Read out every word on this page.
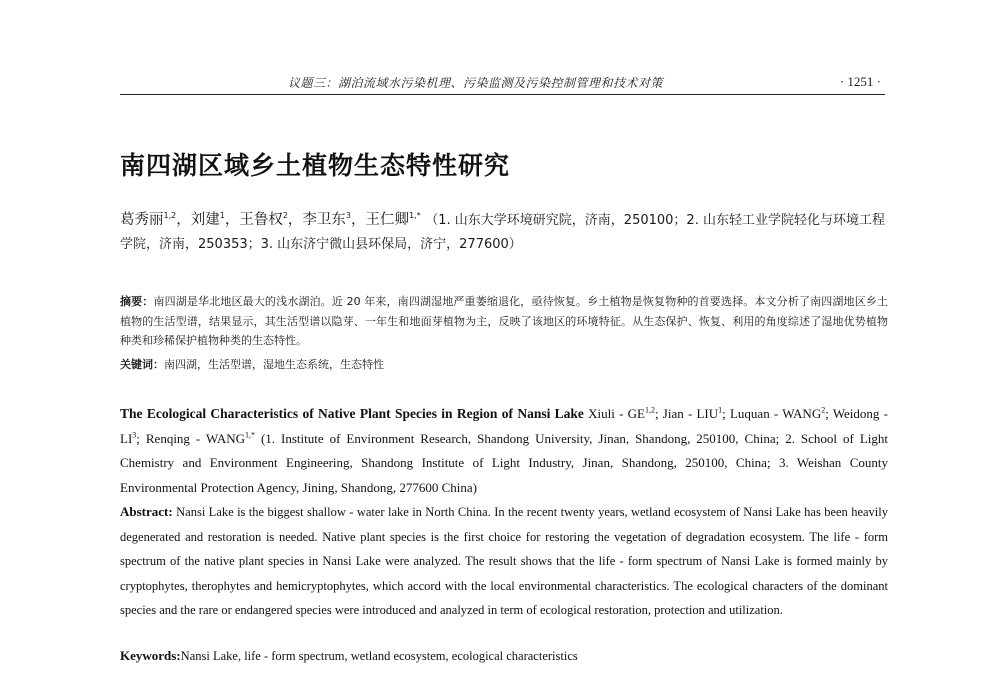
议题三：湖泊流域水污染机理、污染监测及污染控制管理和技术对策	· 1251 ·
南四湖区域乡土植物生态特性研究
葛秀丽$^{1,2}$，刘建$^1$，王鲁权$^2$，李卫东$^3$，王仁卿$^{1,*}$ （1. 山东大学环境研究院，济南，250100；2. 山东轻工业学院轻化与环境工程学院，济南，250353；3. 山东济宁微山县环保局，济宁，277600）
摘要：南四湖是华北地区最大的浅水湖泊。近 20 年来，南四湖湿地严重萎缩退化，亟待恢复。乡土植物是恢复物种的首要选择。本文分析了南四湖地区乡土植物的生活型谱，结果显示，其生活型谱以隐芽、一年生和地面芽植物为主，反映了该地区的环境特征。从生态保护、恢复、利用的角度综述了湿地优势植物种类和珍稀保护植物种类的生态特性。
关键词：南四湖，生活型谱，湿地生态系统，生态特性
The Ecological Characteristics of Native Plant Species in Region of Nansi Lake Xiuli - GE$^{1,2}$; Jian - LIU$^1$; Luquan - WANG$^2$; Weidong - $LI^3$; Renqing - $WANG^{1,*}$ (1. Institute of Environment Research, Shandong University, Jinan, Shandong, 250100, China; 2. School of Light Chemistry and Environment Engineering, Shandong Institute of Light Industry, Jinan, Shandong, 250100, China; 3. Weishan County Environmental Protection Agency, Jining, Shandong, 277600 China)
Abstract: Nansi Lake is the biggest shallow - water lake in North China. In the recent twenty years, wetland ecosystem of Nansi Lake has been heavily degenerated and restoration is needed. Native plant species is the first choice for restoring the vegetation of degradation ecosystem. The life - form spectrum of the native plant species in Nansi Lake were analyzed. The result shows that the life - form spectrum of Nansi Lake is formed mainly by cryptophytes, therophytes and hemicryptophytes, which accord with the local environmental characteristics. The ecological characters of the dominant species and the rare or endangered species were introduced and analyzed in term of ecological restoration, protection and utilization.
Keywords:Nansi Lake, life - form spectrum, wetland ecosystem, ecological characteristics
